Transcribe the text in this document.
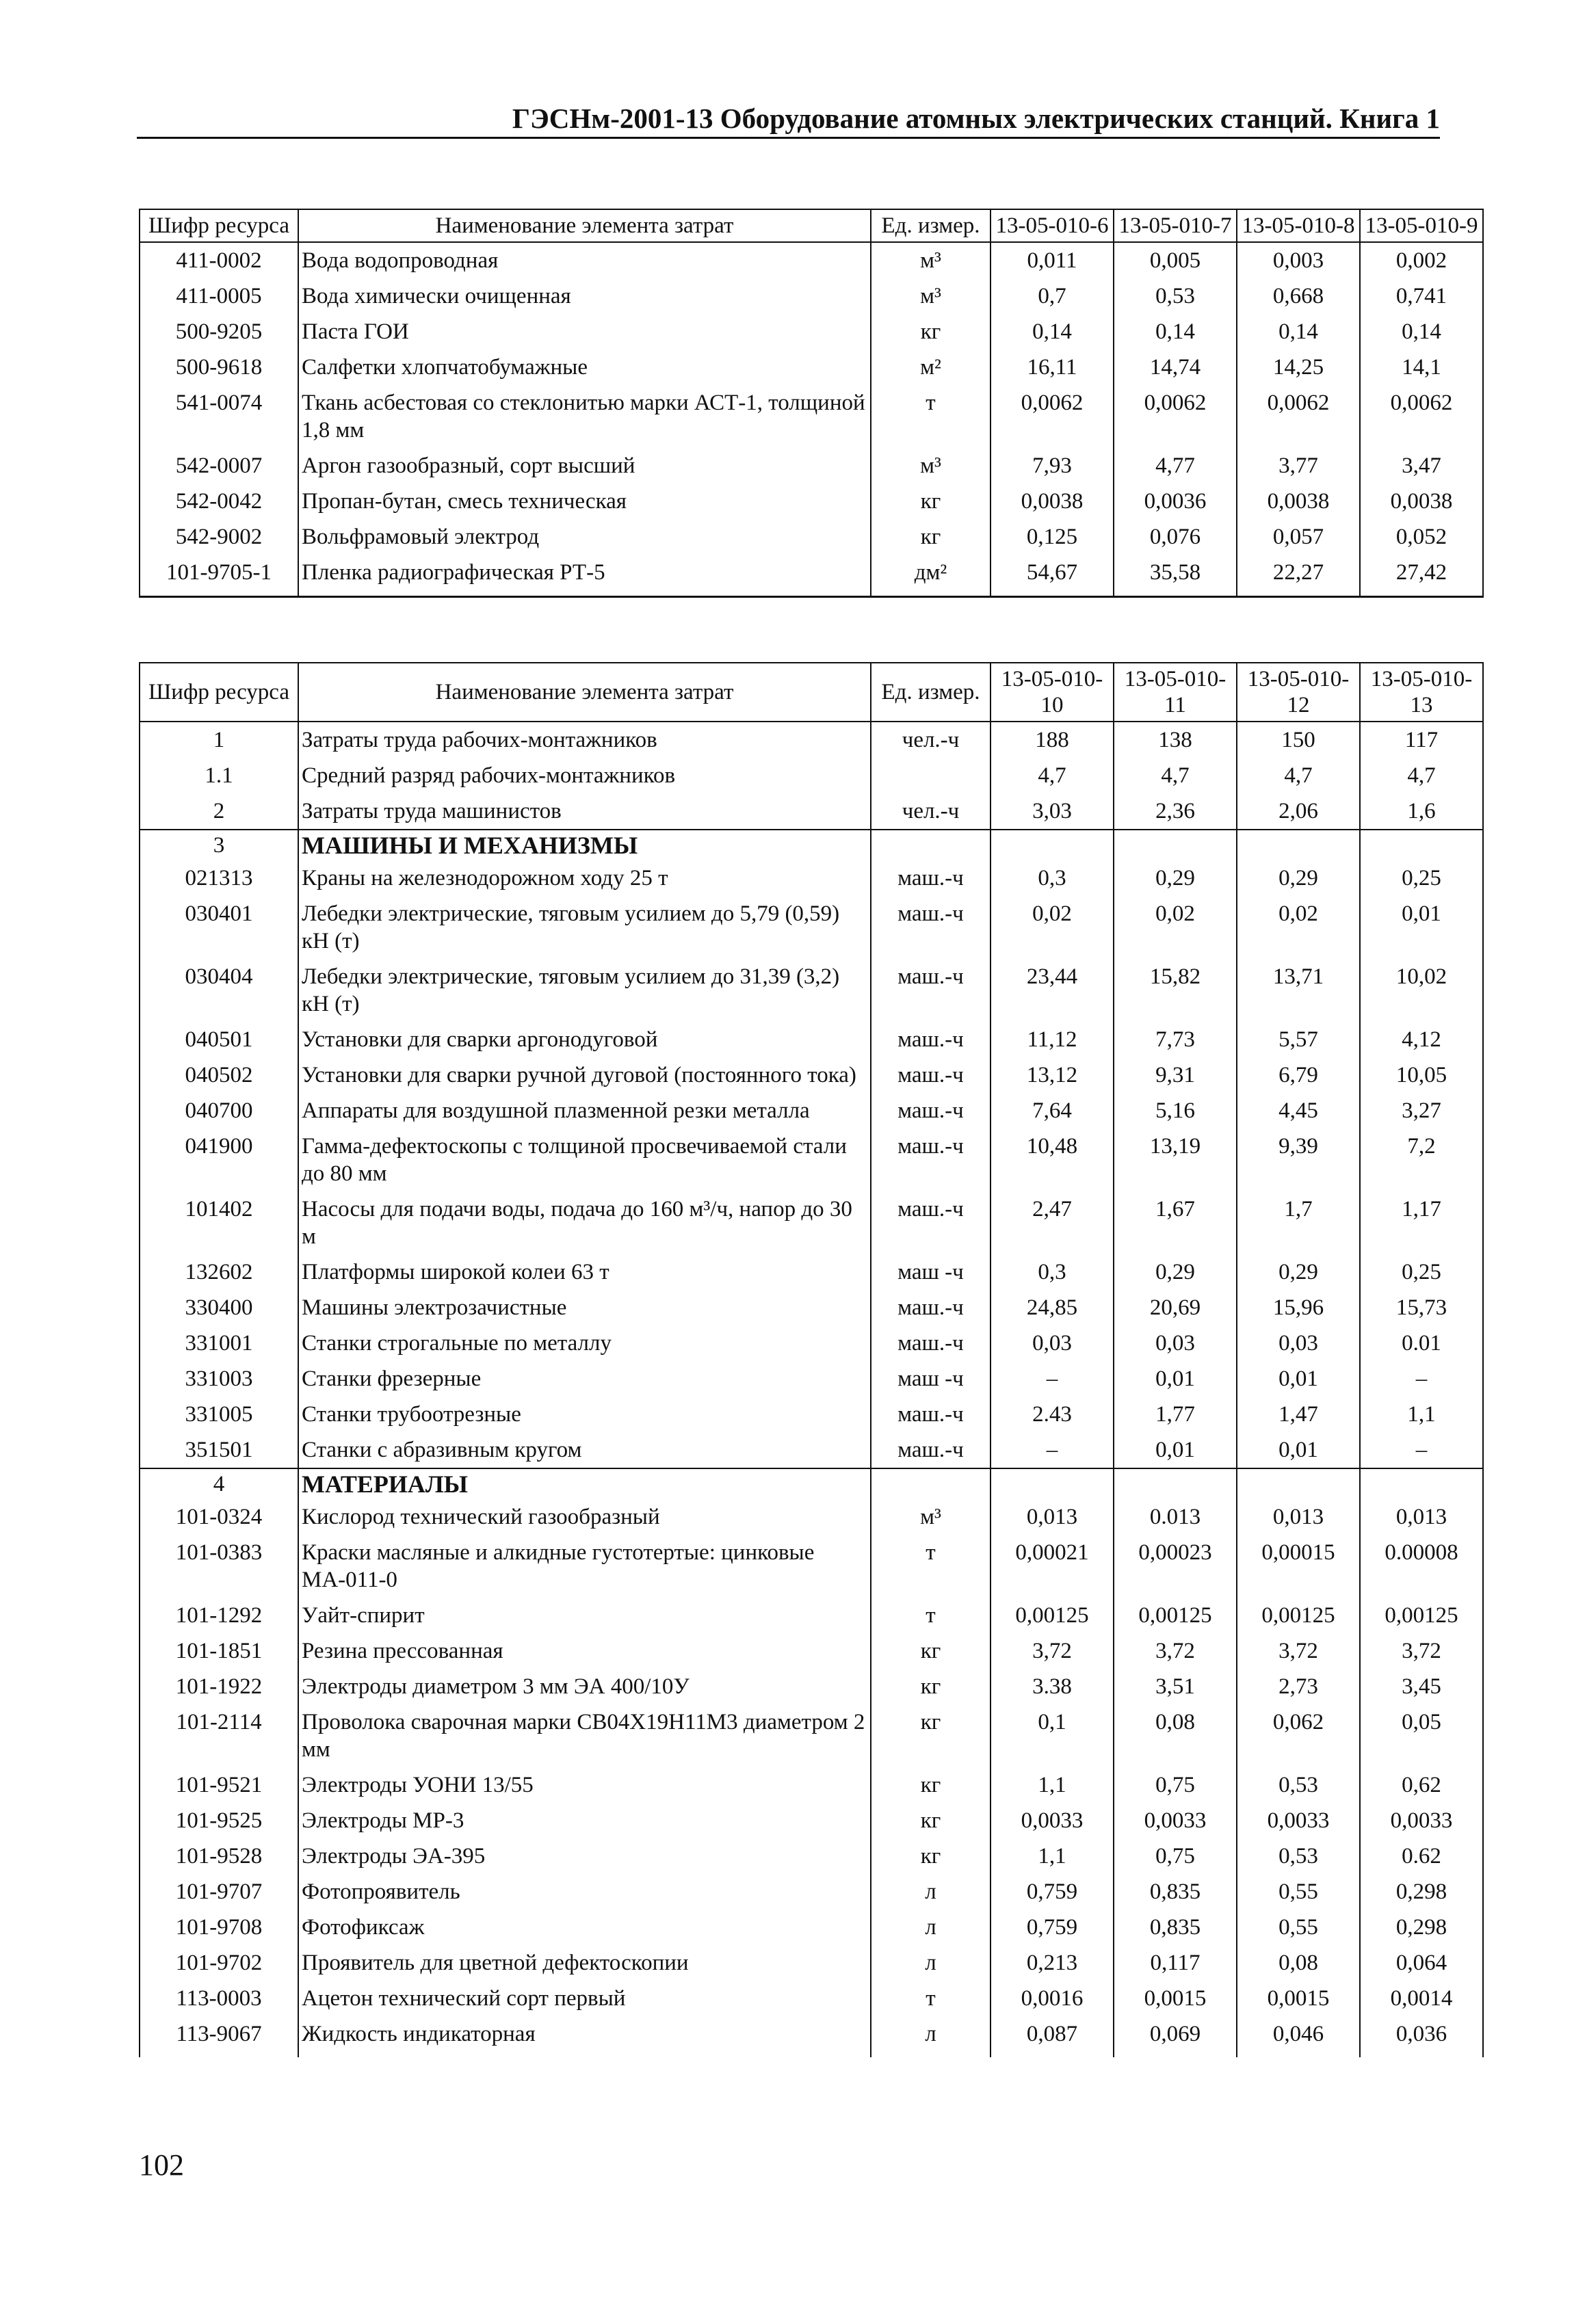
ГЭСНм-2001-13 Оборудование атомных электрических станций. Книга 1
Шифр ресурса	Наименование элемента затрат	Ед. измер.	13-05-010-6	13-05-010-7	13-05-010-8	13-05-010-9
411-0002	Вода водопроводная	м³	0,011	0,005	0,003	0,002
411-0005	Вода химически очищенная	м³	0,7	0,53	0,668	0,741
500-9205	Паста ГОИ	кг	0,14	0,14	0,14	0,14
500-9618	Салфетки хлопчатобумажные	м²	16,11	14,74	14,25	14,1
541-0074	Ткань асбестовая со стеклонитью марки АСТ-1, толщиной 1,8 мм	т	0,0062	0,0062	0,0062	0,0062
542-0007	Аргон газообразный, сорт высший	м³	7,93	4,77	3,77	3,47
542-0042	Пропан-бутан, смесь техническая	кг	0,0038	0,0036	0,0038	0,0038
542-9002	Вольфрамовый электрод	кг	0,125	0,076	0,057	0,052
101-9705-1	Пленка радиографическая РТ-5	дм²	54,67	35,58	22,27	27,42
Шифр ресурса	Наименование элемента затрат	Ед. измер.	13-05-010-10	13-05-010-11	13-05-010-12	13-05-010-13
1	Затраты труда рабочих-монтажников	чел.-ч	188	138	150	117
1.1	Средний разряд рабочих-монтажников		4,7	4,7	4,7	4,7
2	Затраты труда машинистов	чел.-ч	3,03	2,36	2,06	1,6
3	МАШИНЫ И МЕХАНИЗМЫ					
021313	Краны на железнодорожном ходу 25 т	маш.-ч	0,3	0,29	0,29	0,25
030401	Лебедки электрические, тяговым усилием до 5,79 (0,59) кН (т)	маш.-ч	0,02	0,02	0,02	0,01
030404	Лебедки электрические, тяговым усилием до 31,39 (3,2) кН (т)	маш.-ч	23,44	15,82	13,71	10,02
040501	Установки для сварки аргонодуговой	маш.-ч	11,12	7,73	5,57	4,12
040502	Установки для сварки ручной дуговой (постоянного тока)	маш.-ч	13,12	9,31	6,79	10,05
040700	Аппараты для воздушной плазменной резки металла	маш.-ч	7,64	5,16	4,45	3,27
041900	Гамма-дефектоскопы с толщиной просвечиваемой стали до 80 мм	маш.-ч	10,48	13,19	9,39	7,2
101402	Насосы для подачи воды, подача до 160 м³/ч, напор до 30 м	маш.-ч	2,47	1,67	1,7	1,17
132602	Платформы широкой колеи 63 т	маш -ч	0,3	0,29	0,29	0,25
330400	Машины электрозачистные	маш.-ч	24,85	20,69	15,96	15,73
331001	Станки строгальные по металлу	маш.-ч	0,03	0,03	0,03	0.01
331003	Станки фрезерные	маш -ч	–	0,01	0,01	–
331005	Станки трубоотрезные	маш.-ч	2.43	1,77	1,47	1,1
351501	Станки с абразивным кругом	маш.-ч	–	0,01	0,01	–
4	МАТЕРИАЛЫ					
101-0324	Кислород технический газообразный	м³	0,013	0.013	0,013	0,013
101-0383	Краски масляные и алкидные густотертые: цинковые МА-011-0	т	0,00021	0,00023	0,00015	0.00008
101-1292	Уайт-спирит	т	0,00125	0,00125	0,00125	0,00125
101-1851	Резина прессованная	кг	3,72	3,72	3,72	3,72
101-1922	Электроды диаметром 3 мм ЭА 400/10У	кг	3.38	3,51	2,73	3,45
101-2114	Проволока сварочная марки СВ04Х19Н11М3 диаметром 2 мм	кг	0,1	0,08	0,062	0,05
101-9521	Электроды УОНИ 13/55	кг	1,1	0,75	0,53	0,62
101-9525	Электроды МР-3	кг	0,0033	0,0033	0,0033	0,0033
101-9528	Электроды ЭА-395	кг	1,1	0,75	0,53	0.62
101-9707	Фотопроявитель	л	0,759	0,835	0,55	0,298
101-9708	Фотофиксаж	л	0,759	0,835	0,55	0,298
101-9702	Проявитель для цветной дефектоскопии	л	0,213	0,117	0,08	0,064
113-0003	Ацетон технический сорт первый	т	0,0016	0,0015	0,0015	0,0014
113-9067	Жидкость индикаторная	л	0,087	0,069	0,046	0,036
102
